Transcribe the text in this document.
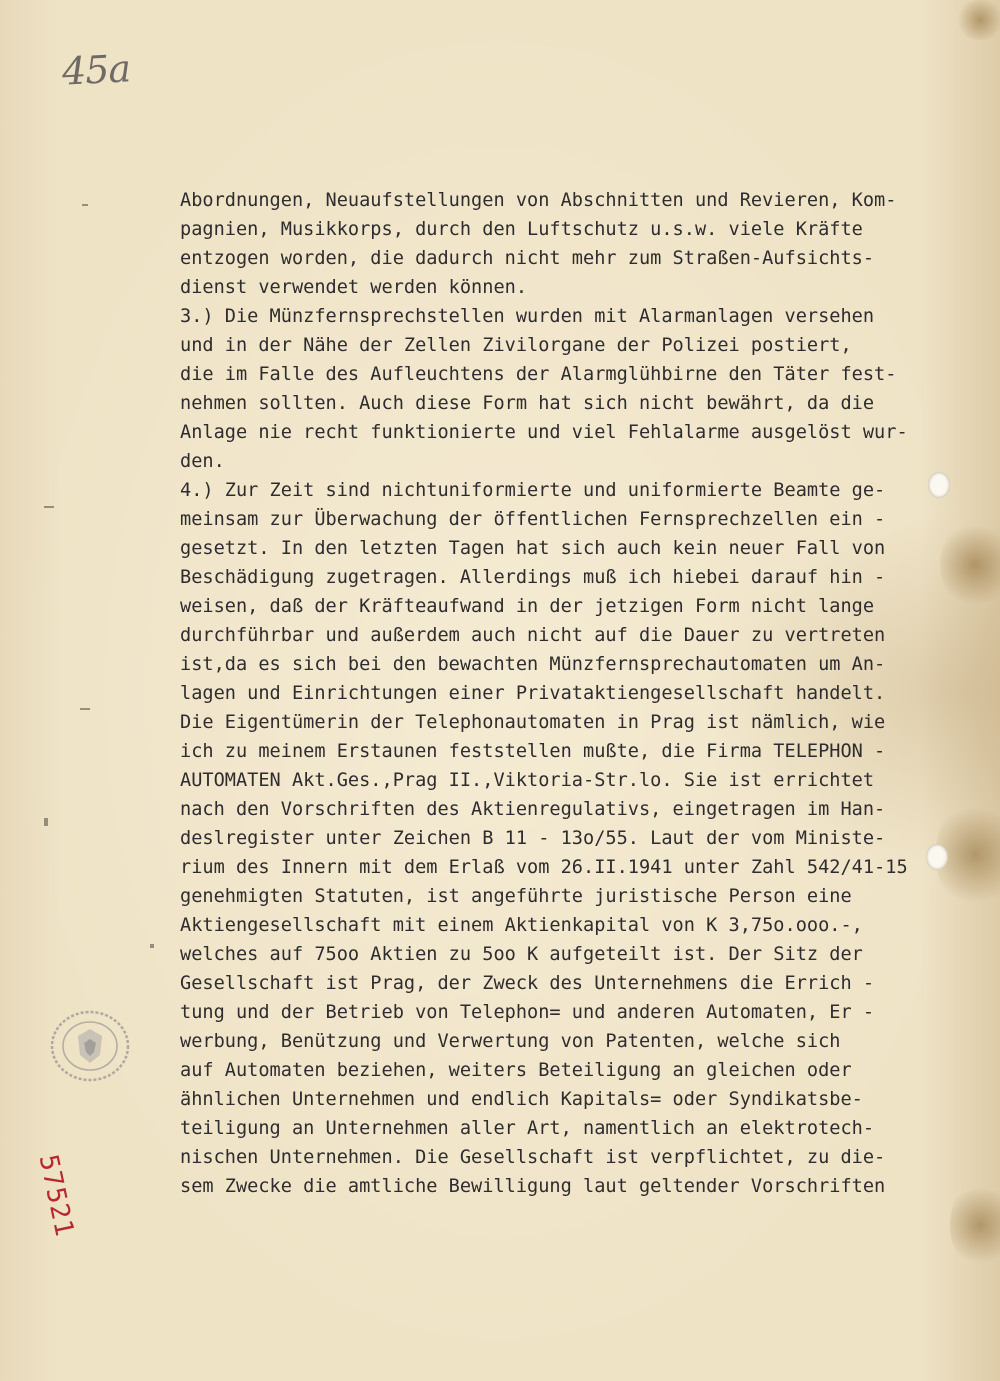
45a
Abordnungen, Neuaufstellungen von Abschnitten und Revieren, Kom-
pagnien, Musikkorps, durch den Luftschutz u.s.w. viele Kräfte
entzogen worden, die dadurch nicht mehr zum Straßen-Aufsichts-
dienst verwendet werden können.
3.) Die Münzfernsprechstellen wurden mit Alarmanlagen versehen
und in der Nähe der Zellen Zivilorgane der Polizei postiert,
die im Falle des Aufleuchtens der Alarmglühbirne den Täter fest-
nehmen sollten. Auch diese Form hat sich nicht bewährt, da die
Anlage nie recht funktionierte und viel Fehlalarme ausgelöst wur-
den.
4.) Zur Zeit sind nichtuniformierte und uniformierte Beamte ge-
meinsam zur Überwachung der öffentlichen Fernsprechzellen ein -
gesetzt. In den letzten Tagen hat sich auch kein neuer Fall von
Beschädigung zugetragen. Allerdings muß ich hiebei darauf hin -
weisen, daß der Kräfteaufwand in der jetzigen Form nicht lange
durchführbar und außerdem auch nicht auf die Dauer zu vertreten
ist,da es sich bei den bewachten Münzfernsprechautomaten um An-
lagen und Einrichtungen einer Privataktiengesellschaft handelt.
Die Eigentümerin der Telephonautomaten in Prag ist nämlich, wie
ich zu meinem Erstaunen feststellen mußte, die Firma TELEPHON -
AUTOMATEN Akt.Ges.,Prag II.,Viktoria-Str.lo. Sie ist errichtet
nach den Vorschriften des Aktienregulativs, eingetragen im Han-
deslregister unter Zeichen B 11 - 13o/55. Laut der vom Ministe-
rium des Innern mit dem Erlaß vom 26.II.1941 unter Zahl 542/41-15
genehmigten Statuten, ist angeführte juristische Person eine
Aktiengesellschaft mit einem Aktienkapital von K 3,75o.ooo.-,
welches auf 75oo Aktien zu 5oo K aufgeteilt ist. Der Sitz der
Gesellschaft ist Prag, der Zweck des Unternehmens die Errich -
tung und der Betrieb von Telephon= und anderen Automaten, Er -
werbung, Benützung und Verwertung von Patenten, welche sich
auf Automaten beziehen, weiters Beteiligung an gleichen oder
ähnlichen Unternehmen und endlich Kapitals= oder Syndikatsbe-
teiligung an Unternehmen aller Art, namentlich an elektrotech-
nischen Unternehmen. Die Gesellschaft ist verpflichtet, zu die-
sem Zwecke die amtliche Bewilligung laut geltender Vorschriften
57521
